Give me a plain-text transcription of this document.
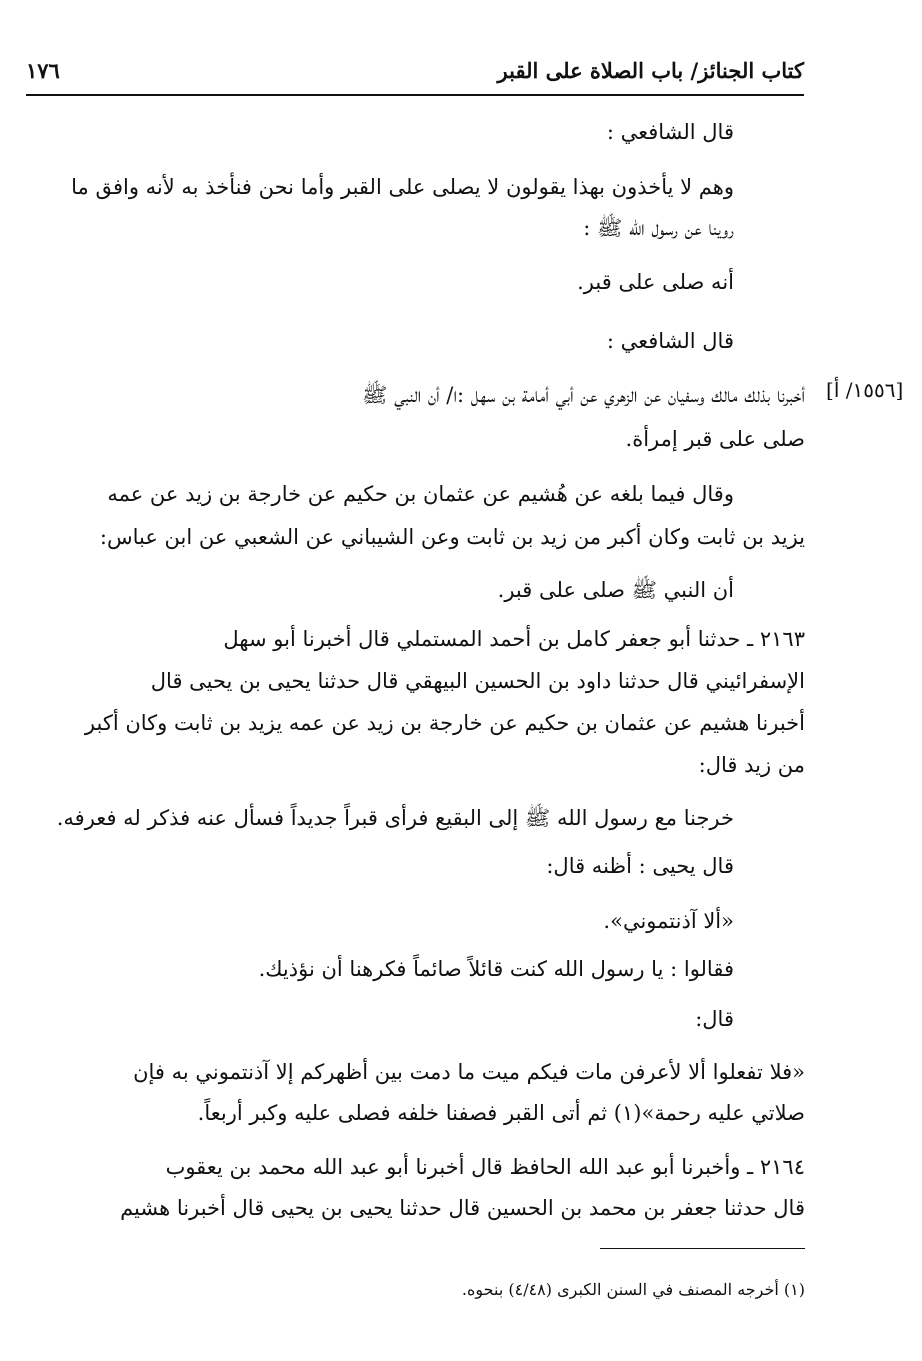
كتاب الجنائز/ باب الصلاة على القبر
١٧٦
[١٥٥٦/ أ]
قال الشافعي :
وهم لا يأخذون بهذا يقولون لا يصلى على القبر وأما نحن فنأخذ به لأنه وافق ما
روينا عن رسول الله ﷺ :
أنه صلى على قبر.
قال الشافعي :
أخبرنا بذلك مالك وسفيان عن الزهري عن أبي أمامة بن سهل :ا/ أن النبي ﷺ
صلى على قبر إمرأة.
وقال فيما بلغه عن هُشيم عن عثمان بن حكيم عن خارجة بن زيد عن عمه
يزيد بن ثابت وكان أكبر من زيد بن ثابت وعن الشيباني عن الشعبي عن ابن عباس:
أن النبي ﷺ صلى على قبر.
٢١٦٣ ـ حدثنا أبو جعفر كامل بن أحمد المستملي قال أخبرنا أبو سهل
الإسفرائيني قال حدثنا داود بن الحسين البيهقي قال حدثنا يحيى بن يحيى قال
أخبرنا هشيم عن عثمان بن حكيم عن خارجة بن زيد عن عمه يزيد بن ثابت وكان أكبر
من زيد قال:
خرجنا مع رسول الله ﷺ إلى البقيع فرأى قبراً جديداً فسأل عنه فذكر له فعرفه.
قال يحيى : أظنه قال:
«ألا آذنتموني».
فقالوا : يا رسول الله كنت قائلاً صائماً فكرهنا أن نؤذيك.
قال:
«فلا تفعلوا ألا لأعرفن مات فيكم ميت ما دمت بين أظهركم إلا آذنتموني به فإن
صلاتي عليه رحمة»(١) ثم أتى القبر فصفنا خلفه فصلى عليه وكبر أربعاً.
٢١٦٤ ـ وأخبرنا أبو عبد الله الحافظ قال أخبرنا أبو عبد الله محمد بن يعقوب
قال حدثنا جعفر بن محمد بن الحسين قال حدثنا يحيى بن يحيى قال أخبرنا هشيم
(١) أخرجه المصنف في السنن الكبرى (٤/٤٨) بنحوه.
